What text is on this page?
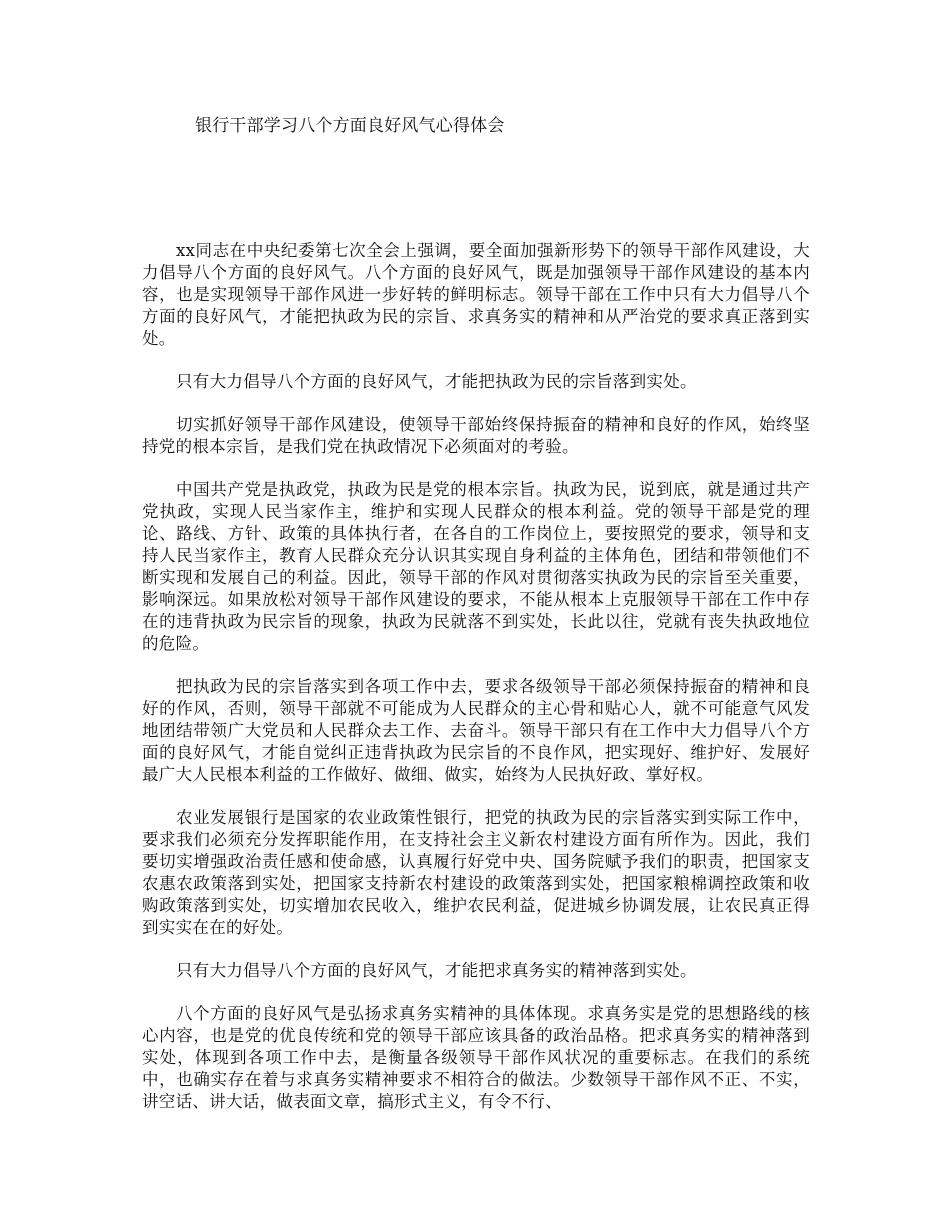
银行干部学习八个方面良好风气心得体会

xx同志在中央纪委第七次全会上强调，要全面加强新形势下的领导干部作风建设，大力倡导八个方面的良好风气。八个方面的良好风气，既是加强领导干部作风建设的基本内容，也是实现领导干部作风进一步好转的鲜明标志。领导干部在工作中只有大力倡导八个方面的良好风气，才能把执政为民的宗旨、求真务实的精神和从严治党的要求真正落到实处。

只有大力倡导八个方面的良好风气，才能把执政为民的宗旨落到实处。

切实抓好领导干部作风建设，使领导干部始终保持振奋的精神和良好的作风，始终坚持党的根本宗旨，是我们党在执政情况下必须面对的考验。

中国共产党是执政党，执政为民是党的根本宗旨。执政为民，说到底，就是通过共产党执政，实现人民当家作主，维护和实现人民群众的根本利益。党的领导干部是党的理论、路线、方针、政策的具体执行者，在各自的工作岗位上，要按照党的要求，领导和支持人民当家作主，教育人民群众充分认识其实现自身利益的主体角色，团结和带领他们不断实现和发展自己的利益。因此，领导干部的作风对贯彻落实执政为民的宗旨至关重要，影响深远。如果放松对领导干部作风建设的要求，不能从根本上克服领导干部在工作中存在的违背执政为民宗旨的现象，执政为民就落不到实处，长此以往，党就有丧失执政地位的危险。

把执政为民的宗旨落实到各项工作中去，要求各级领导干部必须保持振奋的精神和良好的作风，否则，领导干部就不可能成为人民群众的主心骨和贴心人，就不可能意气风发地团结带领广大党员和人民群众去工作、去奋斗。领导干部只有在工作中大力倡导八个方面的良好风气，才能自觉纠正违背执政为民宗旨的不良作风，把实现好、维护好、发展好最广大人民根本利益的工作做好、做细、做实，始终为人民执好政、掌好权。

农业发展银行是国家的农业政策性银行，把党的执政为民的宗旨落实到实际工作中，要求我们必须充分发挥职能作用，在支持社会主义新农村建设方面有所作为。因此，我们要切实增强政治责任感和使命感，认真履行好党中央、国务院赋予我们的职责，把国家支农惠农政策落到实处，把国家支持新农村建设的政策落到实处，把国家粮棉调控政策和收购政策落到实处，切实增加农民收入，维护农民利益，促进城乡协调发展，让农民真正得到实实在在的好处。

只有大力倡导八个方面的良好风气，才能把求真务实的精神落到实处。

八个方面的良好风气是弘扬求真务实精神的具体体现。求真务实是党的思想路线的核心内容，也是党的优良传统和党的领导干部应该具备的政治品格。把求真务实的精神落到实处，体现到各项工作中去，是衡量各级领导干部作风状况的重要标志。在我们的系统中，也确实存在着与求真务实精神要求不相符合的做法。少数领导干部作风不正、不实，讲空话、讲大话，做表面文章，搞形式主义，有令不行、
